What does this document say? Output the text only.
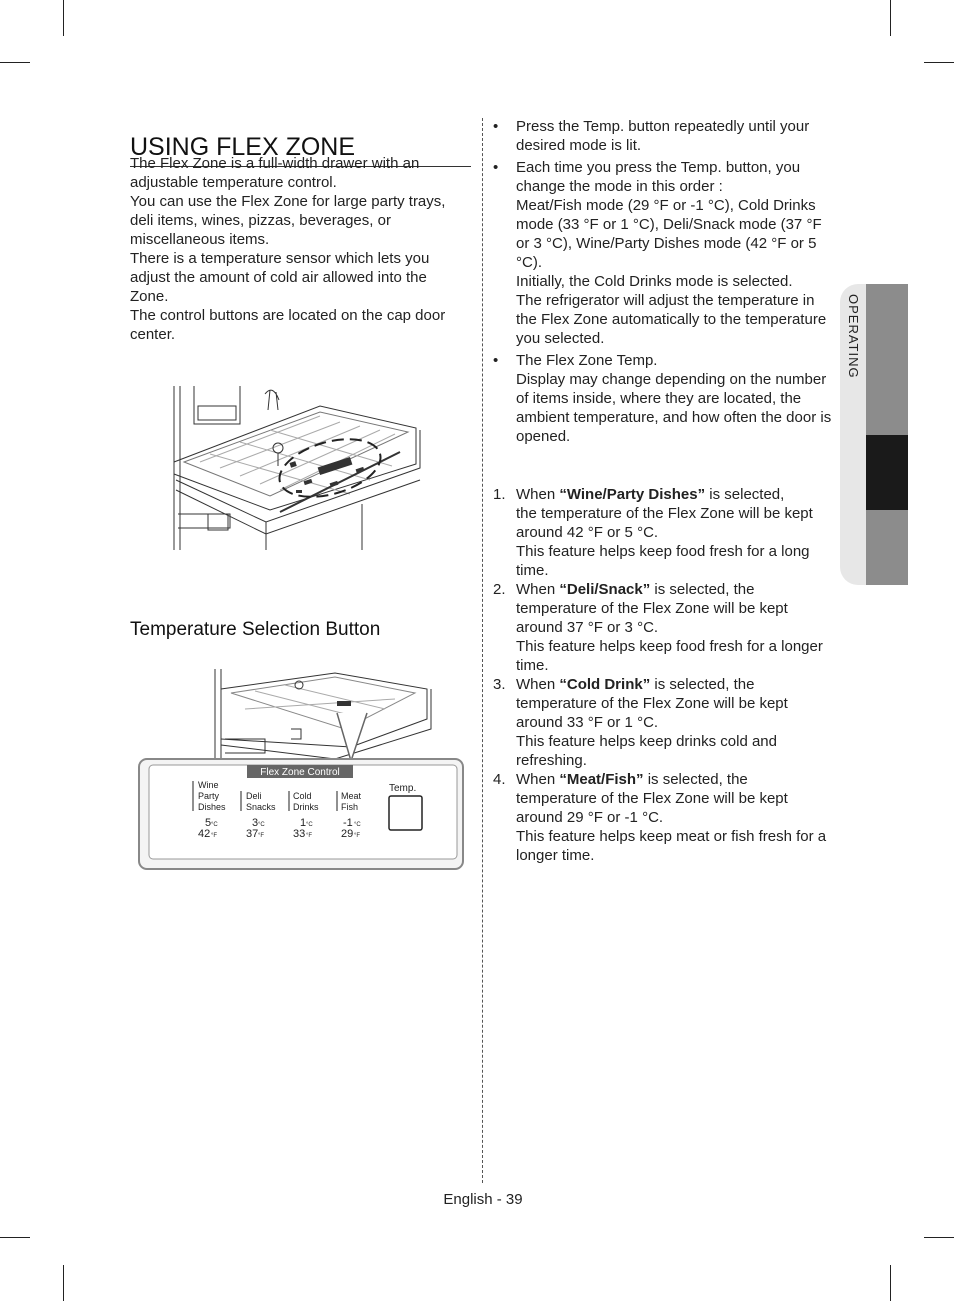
USING FLEX ZONE

The Flex Zone is a full-width drawer with an adjustable temperature control.

You can use the Flex Zone for large party trays, deli items, wines, pizzas, beverages, or miscellaneous items.

There is a temperature sensor which lets you adjust the amount of cold air allowed into the Zone.

The control buttons are located on the cap door center.

Temperature Selection Button
Flex Zone Control
Wine
Party
Dishes
5
42
Deli
Snacks
3
37
Cold
Drinks
1
33
Meat
Fish
-1
29
°C
°F
°C
°F
°C
°F
°C
°F
Temp.
• Press the Temp. button repeatedly until your desired mode is lit.

• Each time you press the Temp. button, you change the mode in this order :

Meat/Fish mode (29 °F or -1 °C), Cold Drinks mode (33 °F or 1 °C), Deli/Snack mode (37 °F or 3 °C), Wine/Party Dishes mode (42 °F or 5 °C).

Initially, the Cold Drinks mode is selected.

The refrigerator will adjust the temperature in the Flex Zone automatically to the temperature you selected.

• The Flex Zone Temp.

Display may change depending on the number of items inside, where they are located, the ambient temperature, and how often the door is opened.

1. When “Wine/Party Dishes” is selected,

the temperature of the Flex Zone will be kept around 42 °F or 5 °C.

This feature helps keep food fresh for a long time.

2. When “Deli/Snack” is selected, the

temperature of the Flex Zone will be kept around 37 °F or 3 °C.

This feature helps keep food fresh for a longer time.

3. When “Cold Drink” is selected, the

temperature of the Flex Zone will be kept around 33 °F or 1 °C.

This feature helps keep drinks cold and refreshing.

4. When “Meat/Fish” is selected, the

temperature of the Flex Zone will be kept around 29 °F or -1 °C.

This feature helps keep meat or fish fresh for a longer time.

OPERATING
English - 39
